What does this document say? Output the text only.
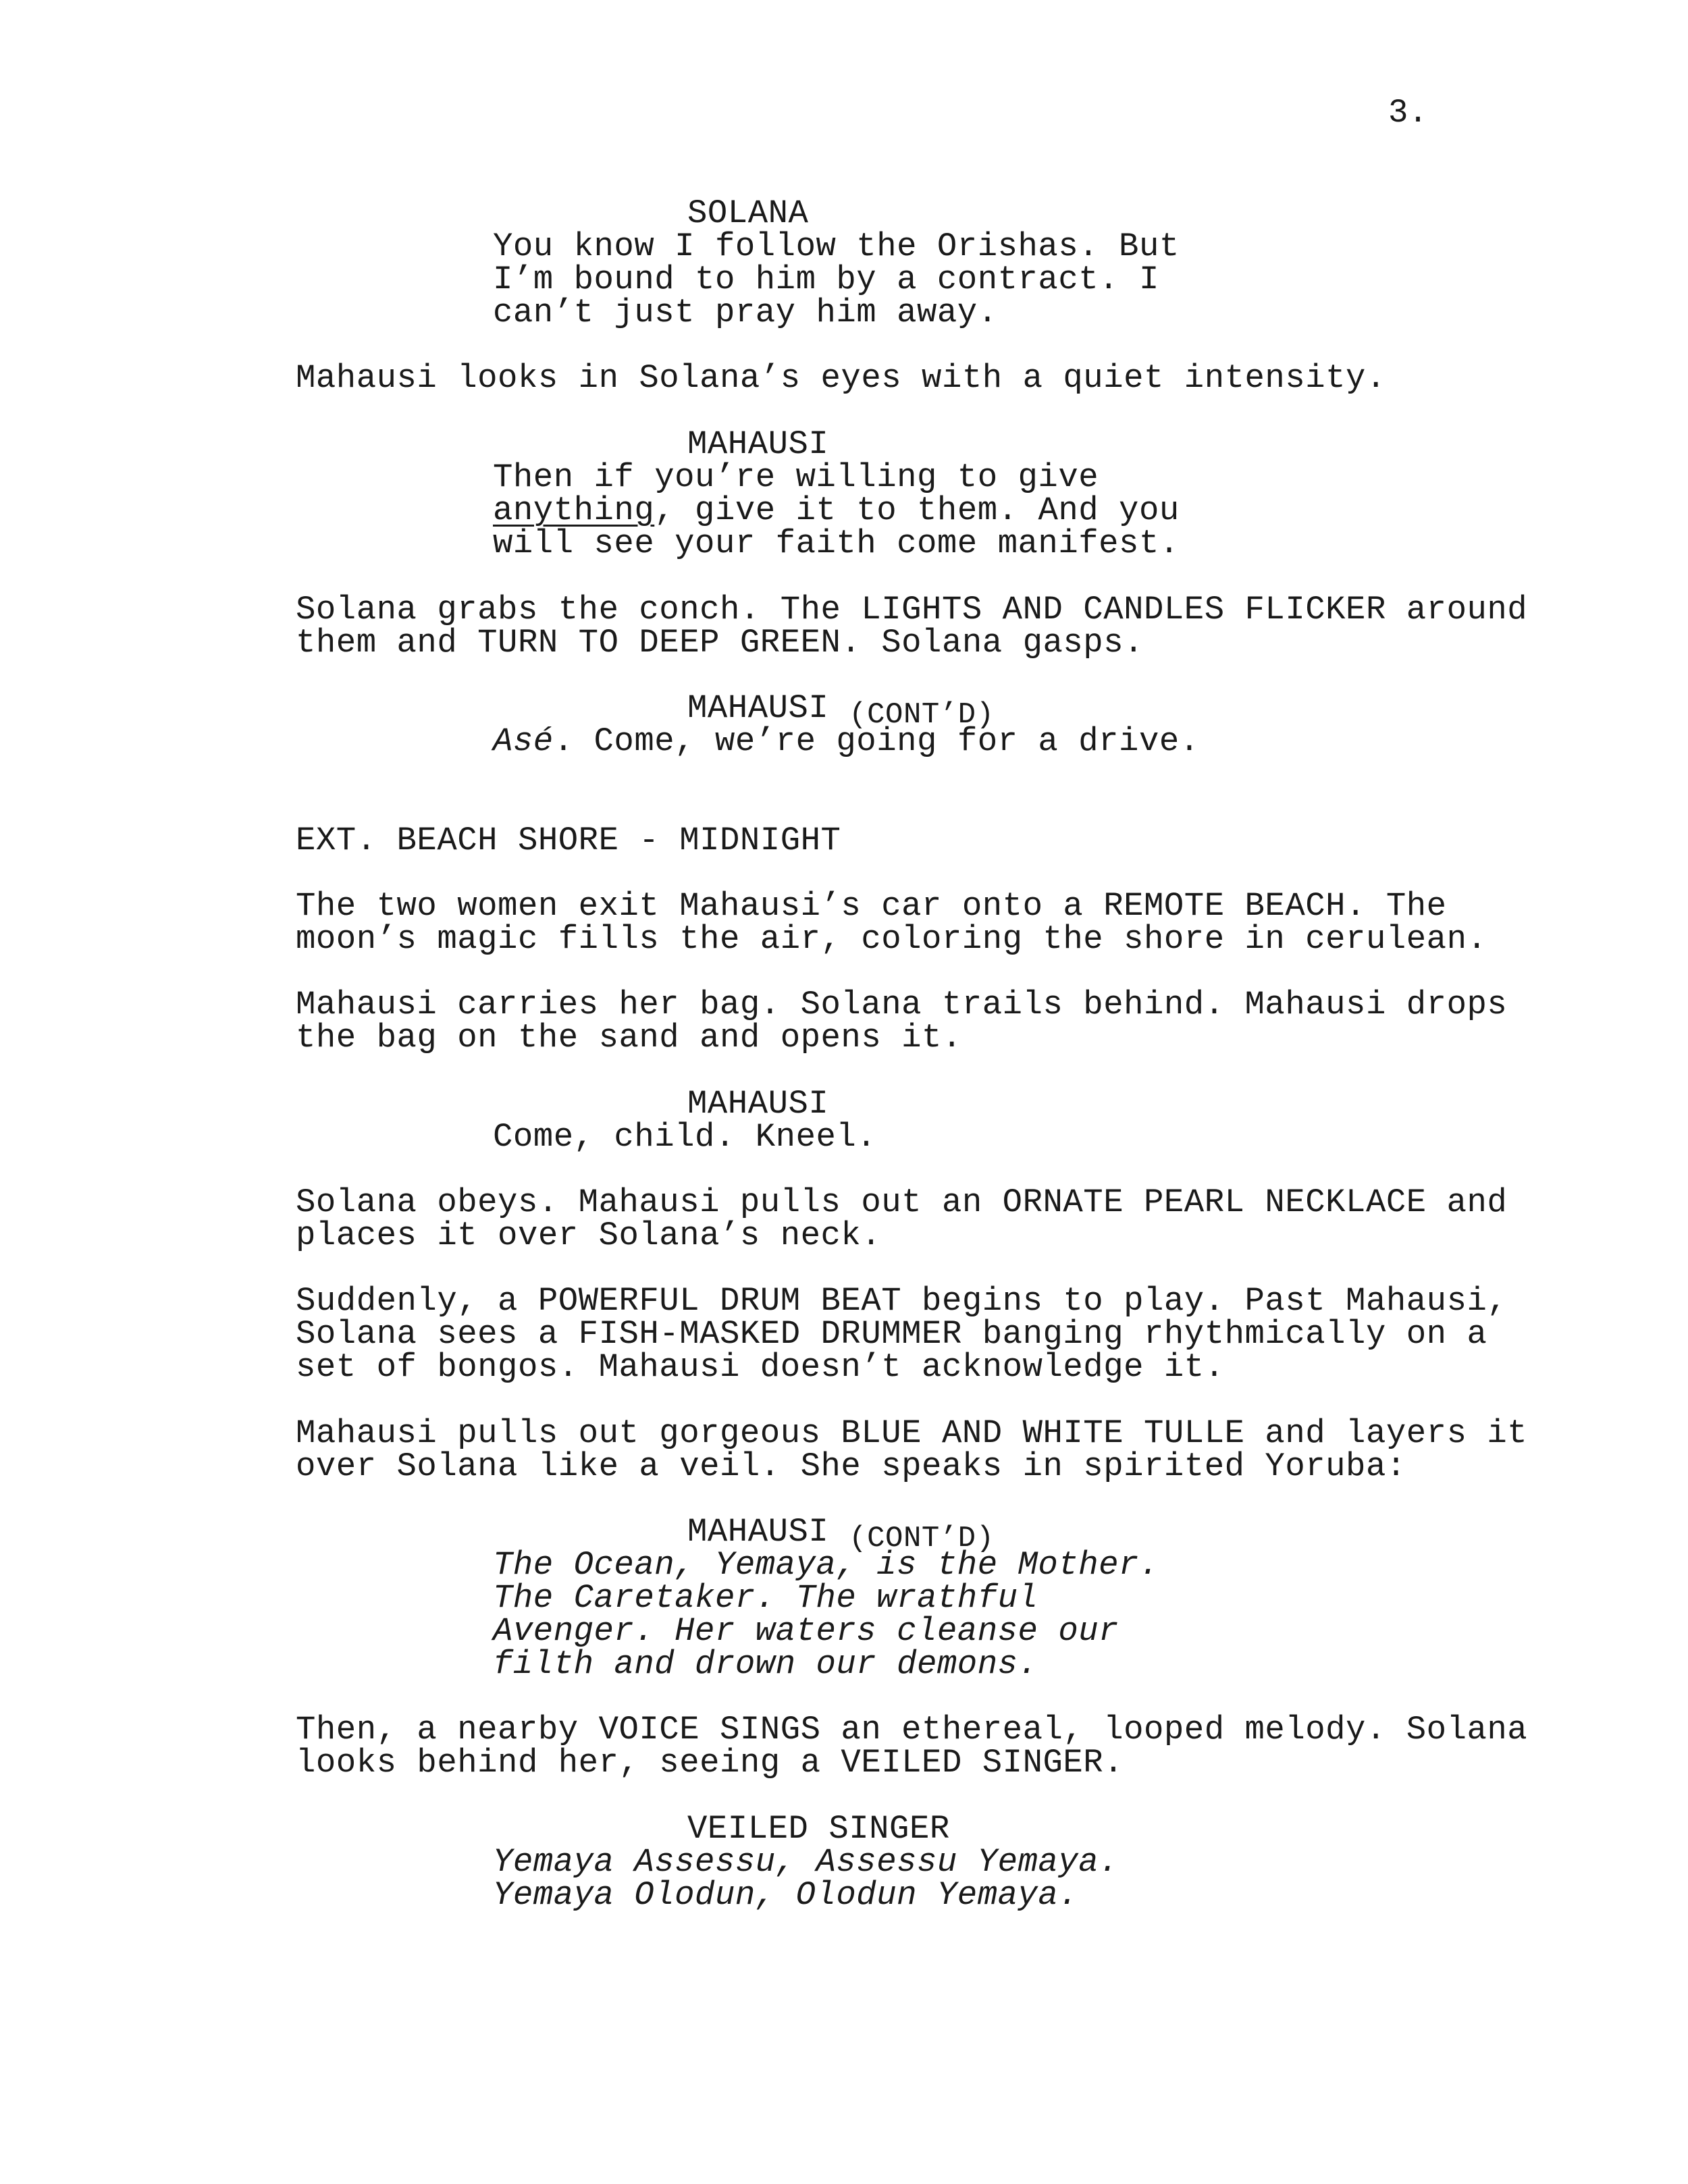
3.
SOLANA
You know I follow the Orishas. But
I’m bound to him by a contract. I
can’t just pray him away.
Mahausi looks in Solana’s eyes with a quiet intensity.
MAHAUSI
Then if you’re willing to give
anything, give it to them. And you
will see your faith come manifest.
Solana grabs the conch. The LIGHTS AND CANDLES FLICKER around
them and TURN TO DEEP GREEN. Solana gasps.
MAHAUSI (CONT’D)
Asé. Come, we’re going for a drive.
EXT. BEACH SHORE - MIDNIGHT
The two women exit Mahausi’s car onto a REMOTE BEACH. The
moon’s magic fills the air, coloring the shore in cerulean.
Mahausi carries her bag. Solana trails behind. Mahausi drops
the bag on the sand and opens it.
MAHAUSI
Come, child. Kneel.
Solana obeys. Mahausi pulls out an ORNATE PEARL NECKLACE and
places it over Solana’s neck.
Suddenly, a POWERFUL DRUM BEAT begins to play. Past Mahausi,
Solana sees a FISH-MASKED DRUMMER banging rhythmically on a
set of bongos. Mahausi doesn’t acknowledge it.
Mahausi pulls out gorgeous BLUE AND WHITE TULLE and layers it
over Solana like a veil. She speaks in spirited Yoruba:
MAHAUSI (CONT’D)
The Ocean, Yemaya, is the Mother.
The Caretaker. The wrathful
Avenger. Her waters cleanse our
filth and drown our demons.
Then, a nearby VOICE SINGS an ethereal, looped melody. Solana
looks behind her, seeing a VEILED SINGER.
VEILED SINGER
Yemaya Assessu, Assessu Yemaya.
Yemaya Olodun, Olodun Yemaya.
